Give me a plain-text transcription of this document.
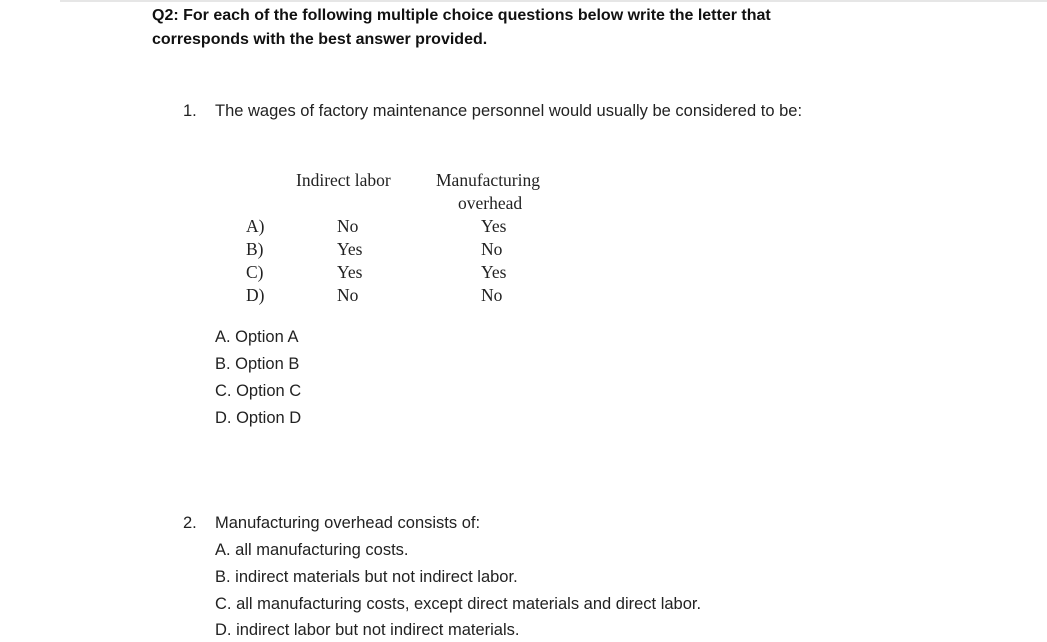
Q2: For each of the following multiple choice questions below write the letter that
corresponds with the best answer provided.
1. The wages of factory maintenance personnel would usually be considered to be:
Indirect labor	Manufacturing
overhead
A)	No	Yes
B)	Yes	No
C)	Yes	Yes
D)	No	No
A. Option A
B. Option B
C. Option C
D. Option D
2. Manufacturing overhead consists of:
A. all manufacturing costs.
B. indirect materials but not indirect labor.
C. all manufacturing costs, except direct materials and direct labor.
D. indirect labor but not indirect materials.
